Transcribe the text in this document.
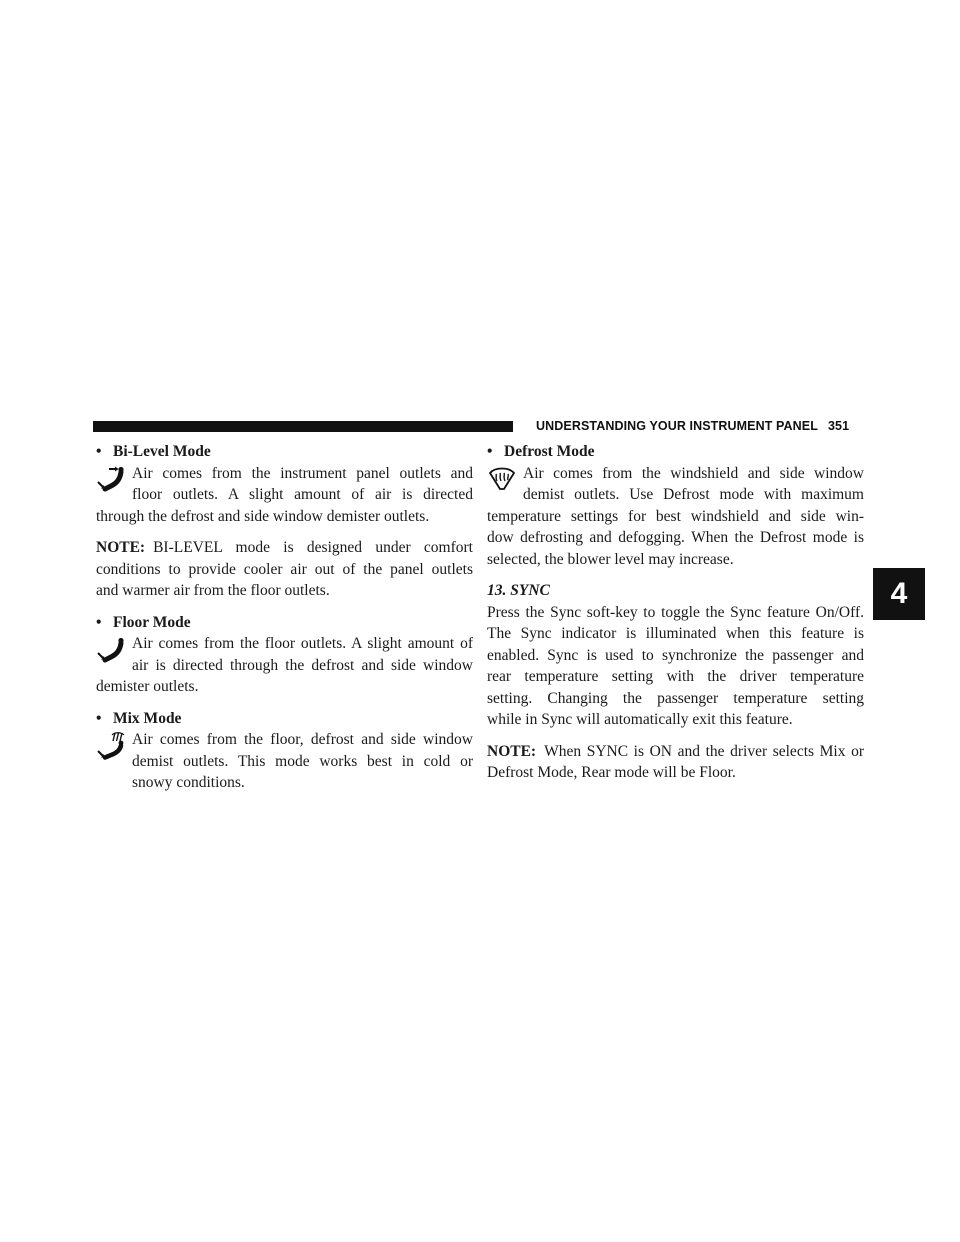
UNDERSTANDING YOUR INSTRUMENT PANEL 351
4

• Bi-Level Mode

Air comes from the instrument panel outlets and
floor outlets. A slight amount of air is directed
through the defrost and side window demister outlets.

NOTE: BI-LEVEL mode is designed under comfort
conditions to provide cooler air out of the panel outlets
and warmer air from the floor outlets.

• Floor Mode

Air comes from the floor outlets. A slight amount of
air is directed through the defrost and side window
demister outlets.

• Mix Mode

Air comes from the floor, defrost and side window
demist outlets. This mode works best in cold or
snowy conditions.

• Defrost Mode

Air comes from the windshield and side window
demist outlets. Use Defrost mode with maximum
temperature settings for best windshield and side win-
dow defrosting and defogging. When the Defrost mode is
selected, the blower level may increase.

13. SYNC

Press the Sync soft-key to toggle the Sync feature On/Off.
The Sync indicator is illuminated when this feature is
enabled. Sync is used to synchronize the passenger and
rear temperature setting with the driver temperature
setting. Changing the passenger temperature setting
while in Sync will automatically exit this feature.
NOTE: When SYNC is ON and the driver selects Mix or
Defrost Mode, Rear mode will be Floor.
